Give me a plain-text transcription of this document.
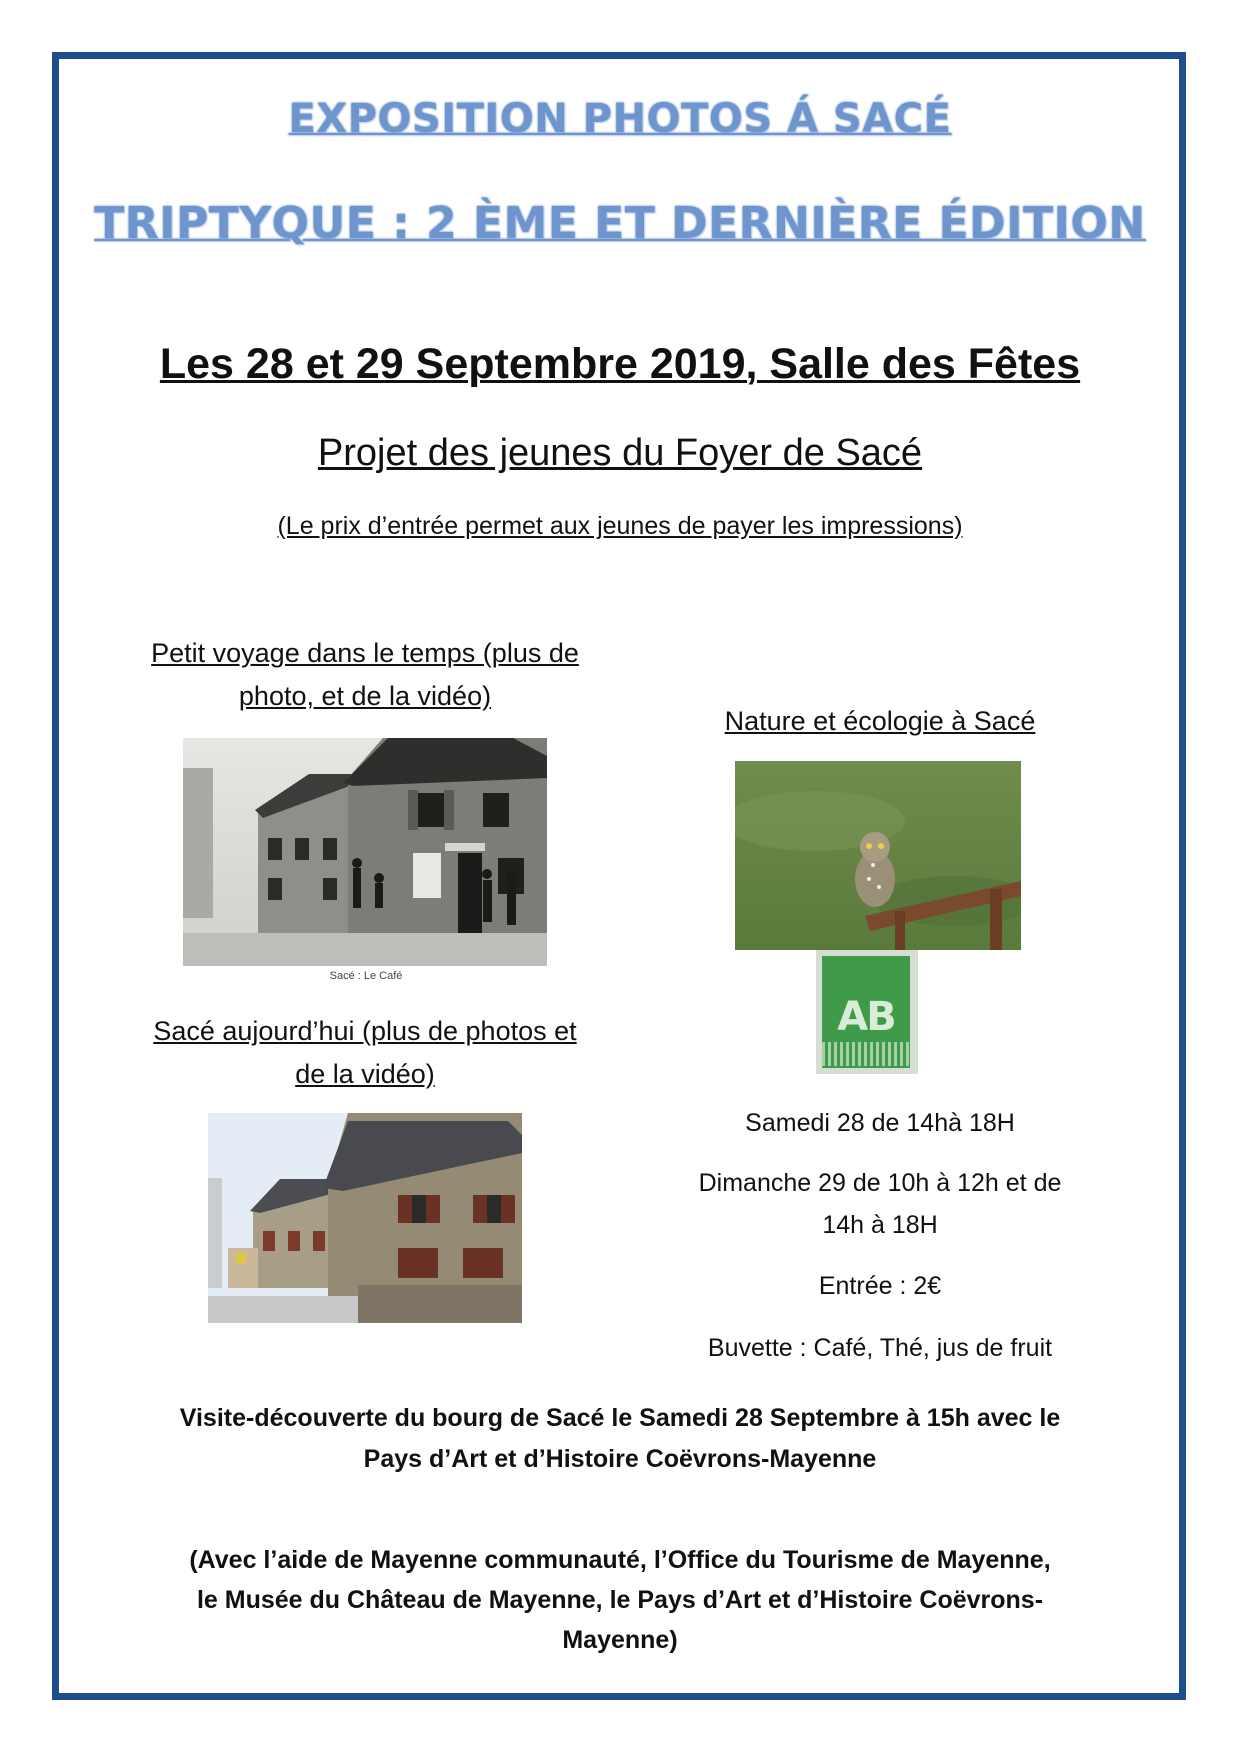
EXPOSITION PHOTOS Á SACÉ
TRIPTYQUE : 2 ÈME ET DERNIÈRE ÉDITION
Les 28 et 29 Septembre 2019, Salle des Fêtes
Projet des jeunes du Foyer de Sacé
(Le prix d’entrée permet aux jeunes de payer les impressions)
Petit voyage dans le temps (plus de
photo, et de la vidéo)
Sacé : Le Café
Sacé aujourd’hui (plus de photos et
de la vidéo)
Nature et écologie à Sacé
AB
Samedi 28 de 14hà 18H
Dimanche 29 de 10h à 12h et de
14h à 18H
Entrée : 2€
Buvette : Café, Thé, jus de fruit
Visite-découverte du bourg de Sacé le Samedi 28 Septembre à 15h avec le
Pays d’Art et d’Histoire Coëvrons-Mayenne
(Avec l’aide de Mayenne communauté, l’Office du Tourisme de Mayenne,
le Musée du Château de Mayenne, le Pays d’Art et d’Histoire Coëvrons-
Mayenne)
